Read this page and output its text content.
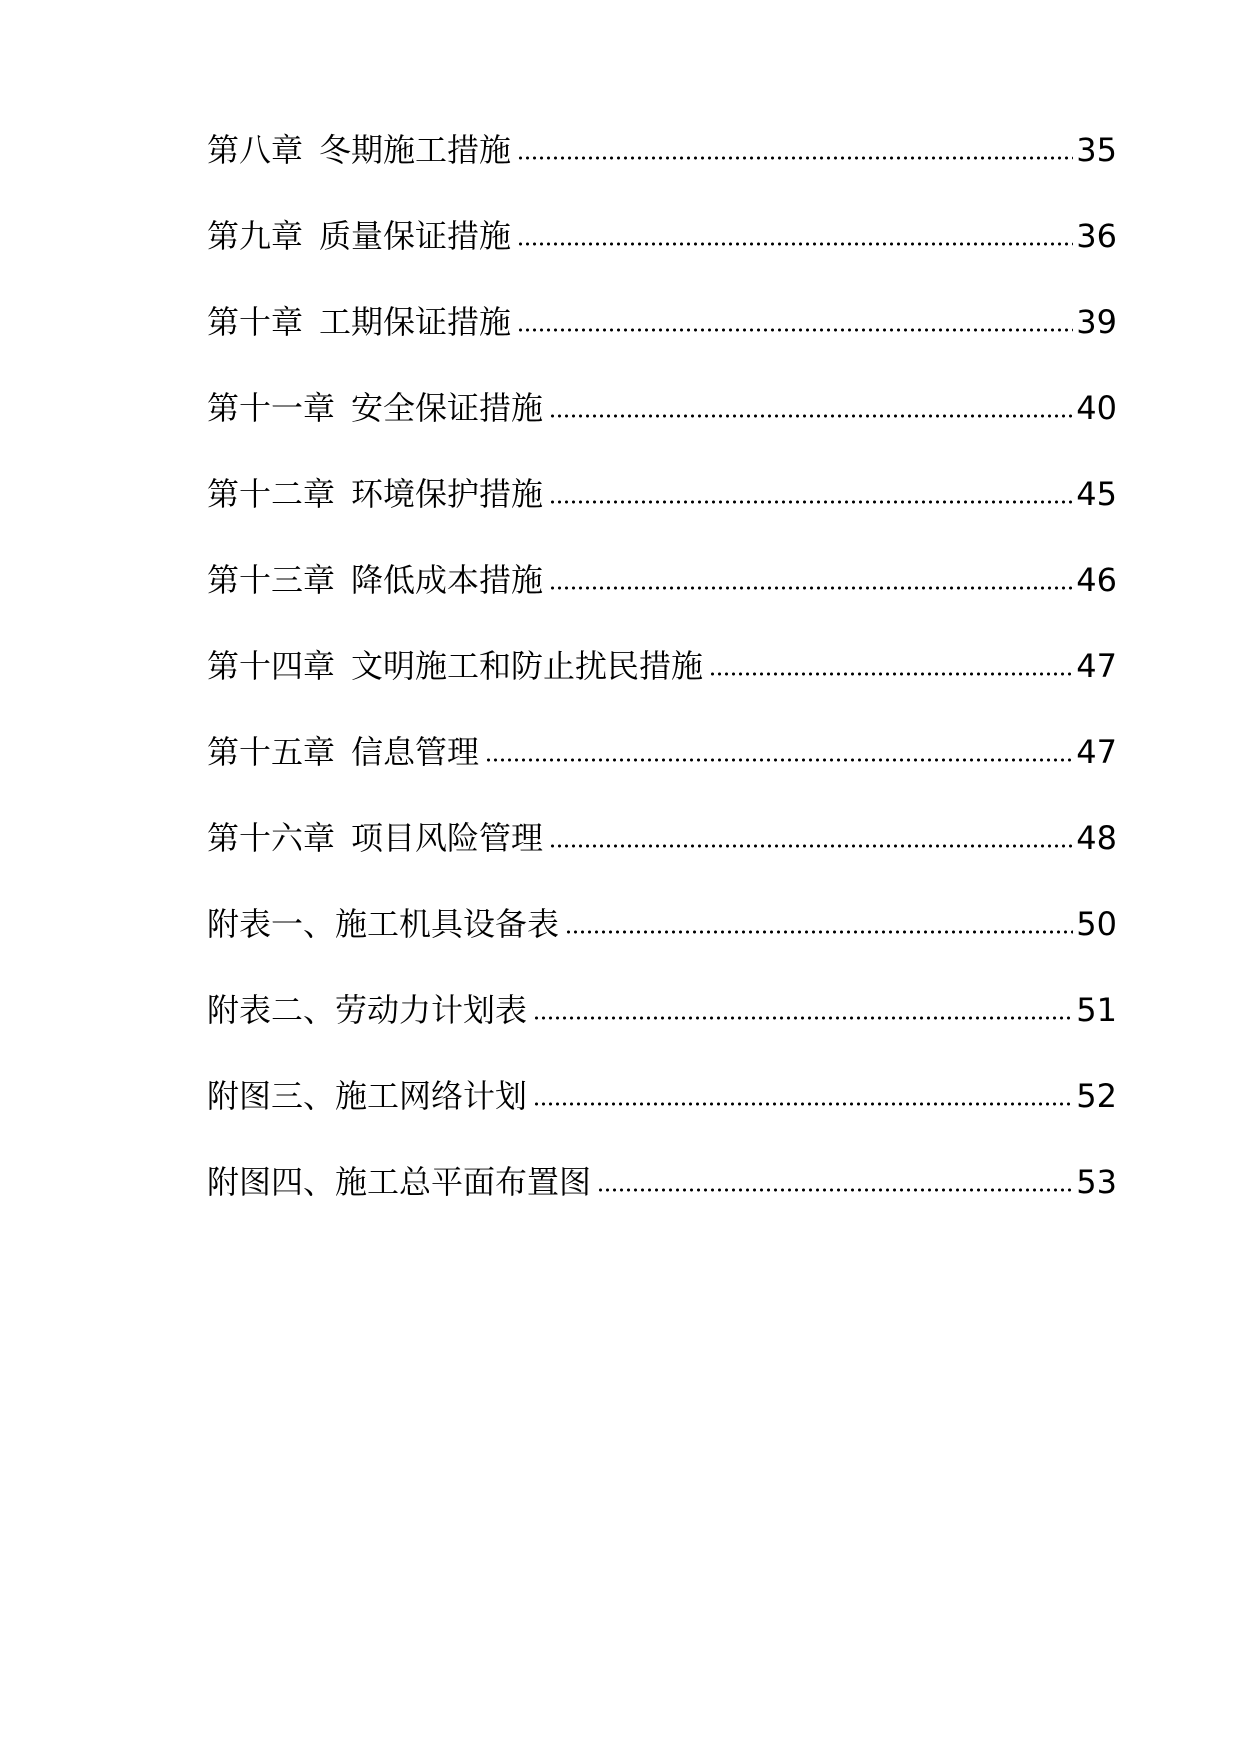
第八章 冬期施工措施	35
第九章 质量保证措施	36
第十章 工期保证措施	39
第十一章 安全保证措施	40
第十二章 环境保护措施	45
第十三章 降低成本措施	46
第十四章 文明施工和防止扰民措施	47
第十五章 信息管理	47
第十六章 项目风险管理	48
附表一、施工机具设备表	50
附表二、劳动力计划表	51
附图三、施工网络计划	52
附图四、施工总平面布置图	53
